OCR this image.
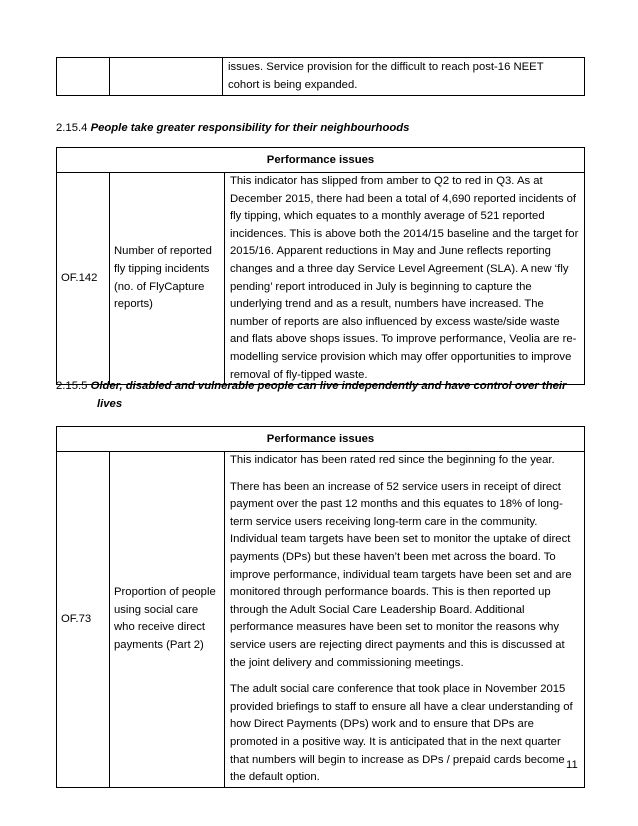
		issues. Service provision for the difficult to reach post-16 NEET
cohort is being expanded.
2.15.4 People take greater responsibility for their neighbourhoods
Performance issues
OF.142	Number of reported fly tipping incidents (no. of FlyCapture reports)	

This indicator has slipped from amber to Q2 to red in Q3. As at December 2015, there had been a total of 4,690 reported incidents of fly tipping, which equates to a monthly average of 521 reported incidences. This is above both the 2014/15 baseline and the target for 2015/16. Apparent reductions in May and June reflects reporting changes and a three day Service Level Agreement (SLA). A new ‘fly pending’ report introduced in July is beginning to capture the underlying trend and as a result, numbers have increased. The number of reports are also influenced by excess waste/side waste and flats above shops issues. To improve performance, Veolia are re-modelling service provision which may offer opportunities to improve removal of fly-tipped waste.

2.15.5 Older, disabled and vulnerable people can live independently and have control over their
lives
Performance issues
OF.73	Proportion of people using social care who receive direct payments (Part 2)	

This indicator has been rated red since the beginning fo the year.

There has been an increase of 52 service users in receipt of direct payment over the past 12 months and this equates to 18% of long-term service users receiving long-term care in the community. Individual team targets have been set to monitor the uptake of direct payments (DPs) but these haven’t been met across the board. To improve performance, individual team targets have been set and are monitored through performance boards. This is then reported up through the Adult Social Care Leadership Board. Additional performance measures have been set to monitor the reasons why service users are rejecting direct payments and this is discussed at the joint delivery and commissioning meetings.

The adult social care conference that took place in November 2015 provided briefings to staff to ensure all have a clear understanding of how Direct Payments (DPs) work and to ensure that DPs are promoted in a positive way. It is anticipated that in the next quarter that numbers will begin to increase as DPs / prepaid cards become the default option.

11
